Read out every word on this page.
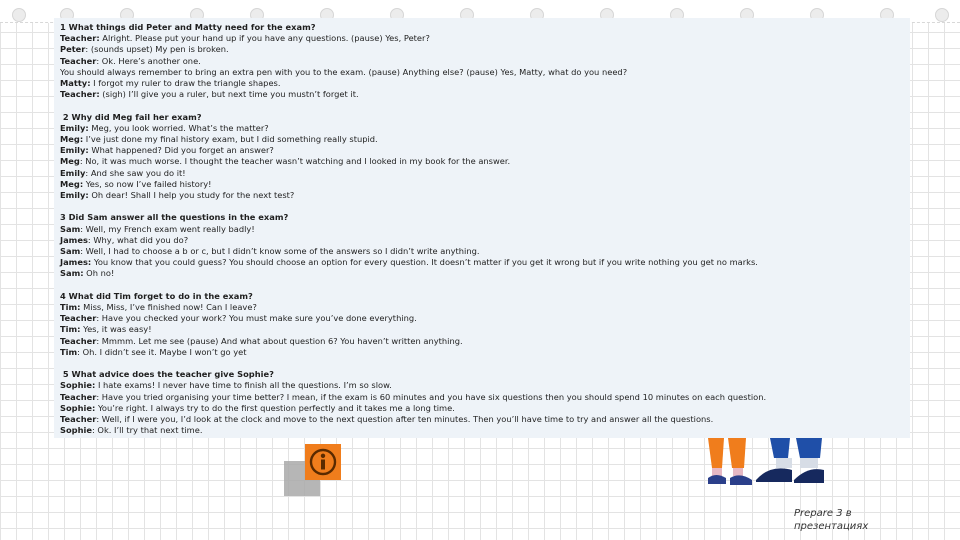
1 What things did Peter and Matty need for the exam?
Teacher: Alright. Please put your hand up if you have any questions. (pause) Yes, Peter?
Peter: (sounds upset) My pen is broken.
Teacher: Ok. Here’s another one.
You should always remember to bring an extra pen with you to the exam. (pause) Anything else? (pause) Yes, Matty, what do you need?
Matty: I forgot my ruler to draw the triangle shapes.
Teacher: (sigh) I’ll give you a ruler, but next time you mustn’t forget it.
2 Why did Meg fail her exam?
Emily: Meg, you look worried. What’s the matter?
Meg: I’ve just done my final history exam, but I did something really stupid.
Emily: What happened? Did you forget an answer?
Meg: No, it was much worse. I thought the teacher wasn’t watching and I looked in my book for the answer.
Emily: And she saw you do it!
Meg: Yes, so now I’ve failed history!
Emily: Oh dear! Shall I help you study for the next test?
3 Did Sam answer all the questions in the exam?
Sam: Well, my French exam went really badly!
James: Why, what did you do?
Sam: Well, I had to choose a b or c, but I didn’t know some of the answers so I didn’t write anything.
James: You know that you could guess? You should choose an option for every question. It doesn’t matter if you get it wrong but if you write nothing you get no marks.
Sam: Oh no!
4 What did Tim forget to do in the exam?
Tim: Miss, Miss, I’ve finished now! Can I leave?
Teacher: Have you checked your work? You must make sure you’ve done everything.
Tim: Yes, it was easy!
Teacher: Mmmm. Let me see (pause) And what about question 6? You haven’t written anything.
Tim: Oh. I didn’t see it. Maybe I won’t go yet
5 What advice does the teacher give Sophie?
Sophie: I hate exams! I never have time to finish all the questions. I’m so slow.
Teacher: Have you tried organising your time better? I mean, if the exam is 60 minutes and you have six questions then you should spend 10 minutes on each question.
Sophie: You’re right. I always try to do the first question perfectly and it takes me a long time.
Teacher: Well, if I were you, I’d look at the clock and move to the next question after ten minutes. Then you’ll have time to try and answer all the questions.
Sophie: Ok. I’ll try that next time.
Prepare 3 в презентациях
